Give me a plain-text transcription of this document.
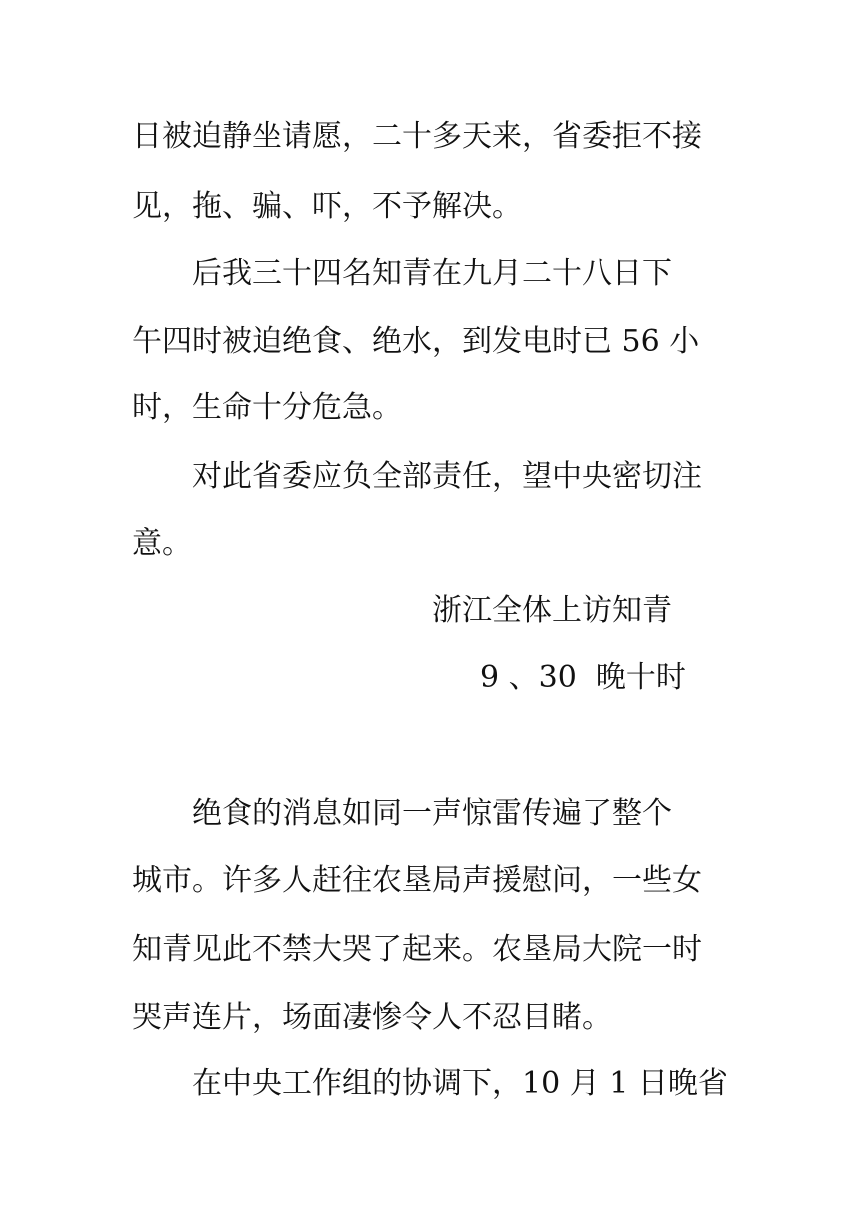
日被迫静坐请愿，二十多天来，省委拒不接
见，拖、骗、吓，不予解决。
后我三十四名知青在九月二十八日下
午四时被迫绝食、绝水，到发电时已 56 小
时，生命十分危急。
对此省委应负全部责任，望中央密切注
意。
浙江全体上访知青
9 、30  晚十时
绝食的消息如同一声惊雷传遍了整个
城市。许多人赶往农垦局声援慰问，一些女
知青见此不禁大哭了起来。农垦局大院一时
哭声连片，场面凄惨令人不忍目睹。
在中央工作组的协调下，10 月 1 日晚省
